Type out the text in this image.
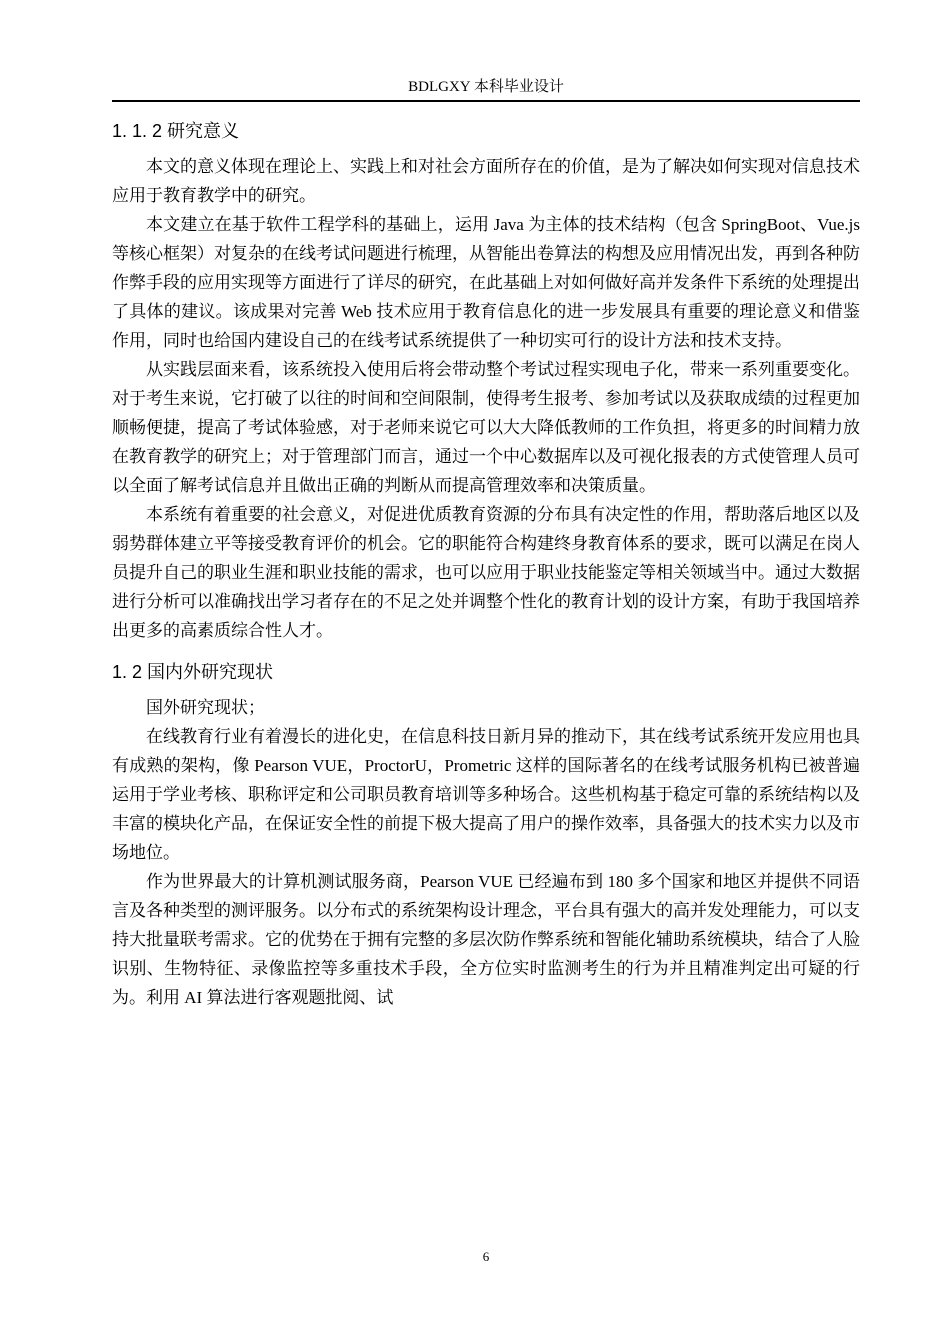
BDLGXY 本科毕业设计
1. 1. 2 研究意义

本文的意义体现在理论上、实践上和对社会方面所存在的价值，是为了解决如何实现对信息技术应用于教育教学中的研究。

本文建立在基于软件工程学科的基础上，运用 Java 为主体的技术结构（包含 SpringBoot、Vue.js 等核心框架）对复杂的在线考试问题进行梳理，从智能出卷算法的构想及应用情况出发，再到各种防作弊手段的应用实现等方面进行了详尽的研究，在此基础上对如何做好高并发条件下系统的处理提出了具体的建议。该成果对完善 Web 技术应用于教育信息化的进一步发展具有重要的理论意义和借鉴作用，同时也给国内建设自己的在线考试系统提供了一种切实可行的设计方法和技术支持。

从实践层面来看，该系统投入使用后将会带动整个考试过程实现电子化，带来一系列重要变化。对于考生来说，它打破了以往的时间和空间限制，使得考生报考、参加考试以及获取成绩的过程更加顺畅便捷，提高了考试体验感，对于老师来说它可以大大降低教师的工作负担，将更多的时间精力放在教育教学的研究上；对于管理部门而言，通过一个中心数据库以及可视化报表的方式使管理人员可以全面了解考试信息并且做出正确的判断从而提高管理效率和决策质量。

本系统有着重要的社会意义，对促进优质教育资源的分布具有决定性的作用，帮助落后地区以及弱势群体建立平等接受教育评价的机会。它的职能符合构建终身教育体系的要求，既可以满足在岗人员提升自己的职业生涯和职业技能的需求，也可以应用于职业技能鉴定等相关领域当中。通过大数据进行分析可以准确找出学习者存在的不足之处并调整个性化的教育计划的设计方案，有助于我国培养出更多的高素质综合性人才。

1. 2 国内外研究现状

国外研究现状；

在线教育行业有着漫长的进化史，在信息科技日新月异的推动下，其在线考试系统开发应用也具有成熟的架构，像 Pearson VUE，ProctorU，Prometric 这样的国际著名的在线考试服务机构已被普遍运用于学业考核、职称评定和公司职员教育培训等多种场合。这些机构基于稳定可靠的系统结构以及丰富的模块化产品，在保证安全性的前提下极大提高了用户的操作效率，具备强大的技术实力以及市场地位。

作为世界最大的计算机测试服务商，Pearson VUE 已经遍布到 180 多个国家和地区并提供不同语言及各种类型的测评服务。以分布式的系统架构设计理念，平台具有强大的高并发处理能力，可以支持大批量联考需求。它的优势在于拥有完整的多层次防作弊系统和智能化辅助系统模块，结合了人脸识别、生物特征、录像监控等多重技术手段，全方位实时监测考生的行为并且精准判定出可疑的行为。利用 AI 算法进行客观题批阅、试

6
